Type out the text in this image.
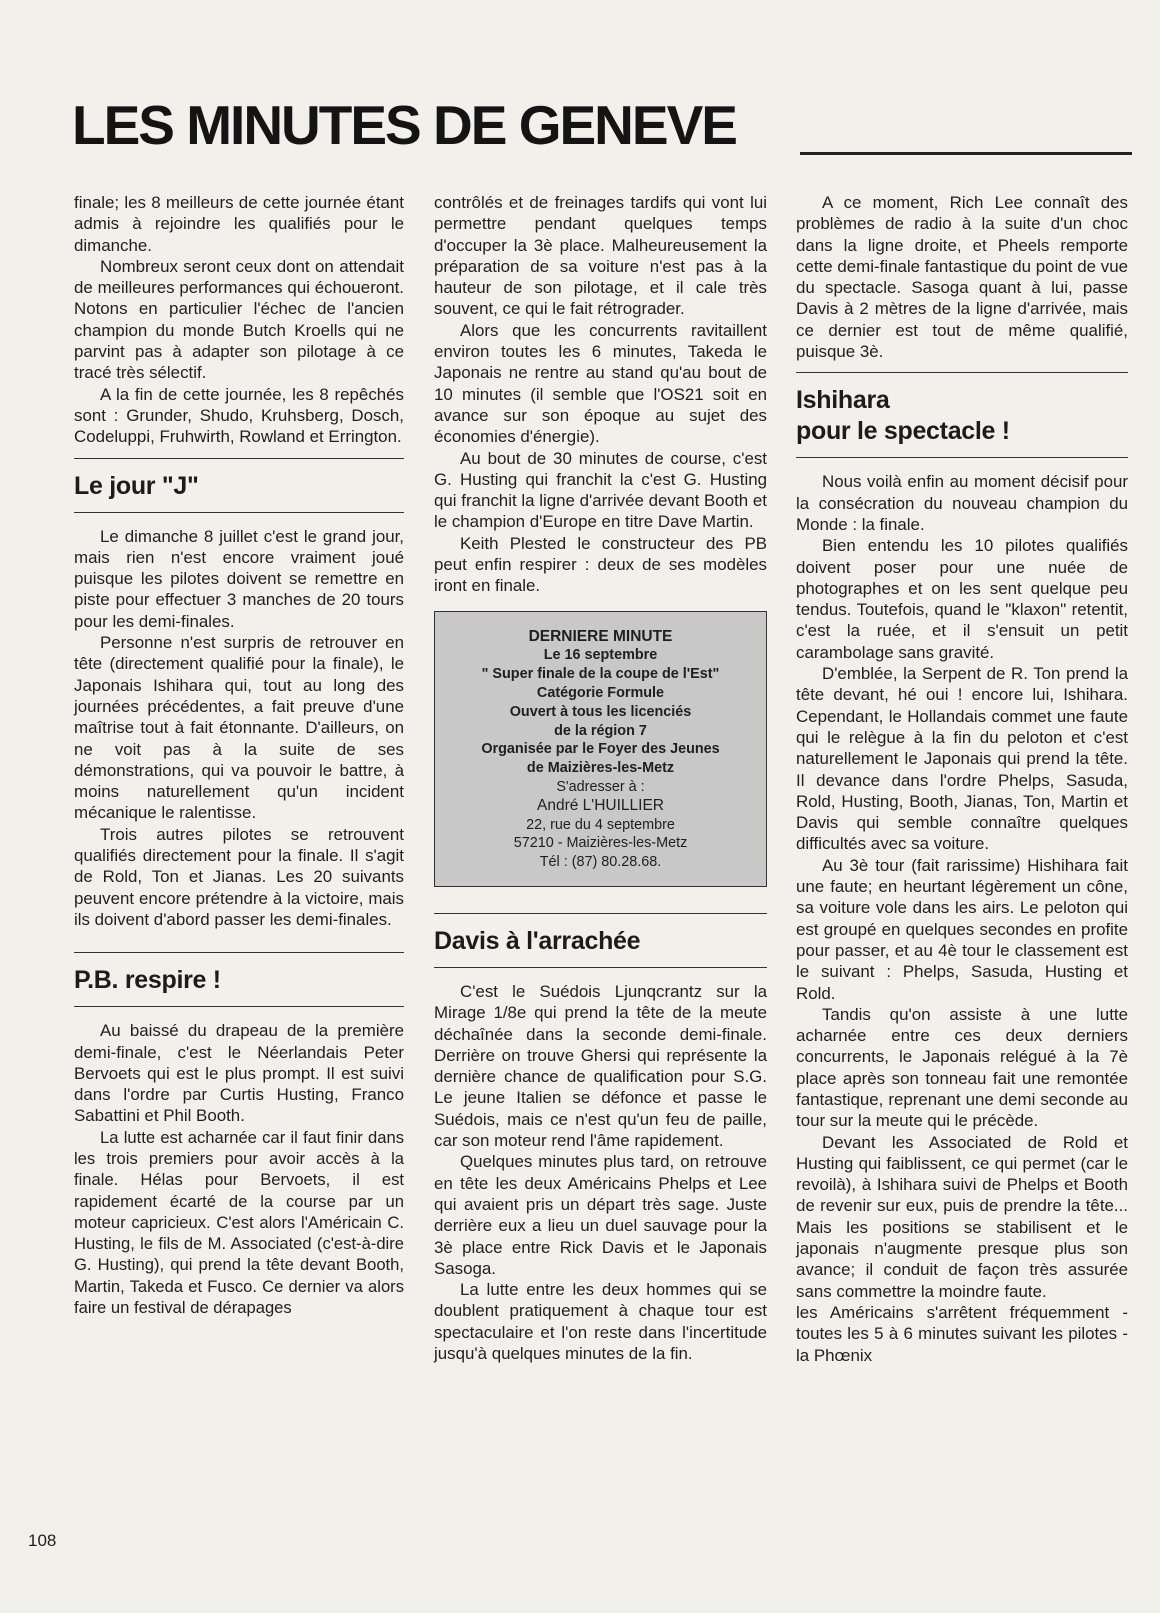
LES MINUTES DE GENEVE

finale; les 8 meilleurs de cette journée étant admis à rejoindre les qualifiés pour le dimanche.

Nombreux seront ceux dont on attendait de meilleures performances qui échoueront. Notons en particulier l'échec de l'ancien champion du monde Butch Kroells qui ne parvint pas à adapter son pilotage à ce tracé très sélectif.

A la fin de cette journée, les 8 repêchés sont : Grunder, Shudo, Kruhsberg, Dosch, Codeluppi, Fruhwirth, Rowland et Errington.

Le jour "J"

Le dimanche 8 juillet c'est le grand jour, mais rien n'est encore vraiment joué puisque les pilotes doivent se remettre en piste pour effectuer 3 manches de 20 tours pour les demi-finales.

Personne n'est surpris de retrouver en tête (directement qualifié pour la finale), le Japonais Ishihara qui, tout au long des journées précédentes, a fait preuve d'une maîtrise tout à fait étonnante. D'ailleurs, on ne voit pas à la suite de ses démonstrations, qui va pouvoir le battre, à moins naturellement qu'un incident mécanique le ralentisse.

Trois autres pilotes se retrouvent qualifiés directement pour la finale. Il s'agit de Rold, Ton et Jianas. Les 20 suivants peuvent encore prétendre à la victoire, mais ils doivent d'abord passer les demi-finales.

P.B. respire !

Au baissé du drapeau de la première demi-finale, c'est le Néerlandais Peter Bervoets qui est le plus prompt. Il est suivi dans l'ordre par Curtis Husting, Franco Sabattini et Phil Booth.

La lutte est acharnée car il faut finir dans les trois premiers pour avoir accès à la finale. Hélas pour Bervoets, il est rapidement écarté de la course par un moteur capricieux. C'est alors l'Américain C. Husting, le fils de M. Associated (c'est-à-dire G. Husting), qui prend la tête devant Booth, Martin, Takeda et Fusco. Ce dernier va alors faire un festival de dérapages

contrôlés et de freinages tardifs qui vont lui permettre pendant quelques temps d'occuper la 3è place. Malheureusement la préparation de sa voiture n'est pas à la hauteur de son pilotage, et il cale très souvent, ce qui le fait rétrograder.

Alors que les concurrents ravitaillent environ toutes les 6 minutes, Takeda le Japonais ne rentre au stand qu'au bout de 10 minutes (il semble que l'OS21 soit en avance sur son époque au sujet des économies d'énergie).

Au bout de 30 minutes de course, c'est G. Husting qui franchit la c'est G. Husting qui franchit la ligne d'arrivée devant Booth et le champion d'Europe en titre Dave Martin.

Keith Plested le constructeur des PB peut enfin respirer : deux de ses modèles iront en finale.

DERNIERE MINUTE
Le 16 septembre
" Super finale de la coupe de l'Est"
Catégorie Formule
Ouvert à tous les licenciés
de la région 7
Organisée par le Foyer des Jeunes
de Maizières-les-Metz
S'adresser à :
André L'HUILLIER
22, rue du 4 septembre
57210 - Maizières-les-Metz
Tél : (87) 80.28.68.
Davis à l'arrachée

C'est le Suédois Ljunqcrantz sur la Mirage 1/8e qui prend la tête de la meute déchaînée dans la seconde demi-finale. Derrière on trouve Ghersi qui représente la dernière chance de qualification pour S.G. Le jeune Italien se défonce et passe le Suédois, mais ce n'est qu'un feu de paille, car son moteur rend l'âme rapidement.

Quelques minutes plus tard, on retrouve en tête les deux Américains Phelps et Lee qui avaient pris un départ très sage. Juste derrière eux a lieu un duel sauvage pour la 3è place entre Rick Davis et le Japonais Sasoga.

La lutte entre les deux hommes qui se doublent pratiquement à chaque tour est spectaculaire et l'on reste dans l'incertitude jusqu'à quelques minutes de la fin.

A ce moment, Rich Lee connaît des problèmes de radio à la suite d'un choc dans la ligne droite, et Pheels remporte cette demi-finale fantastique du point de vue du spectacle. Sasoga quant à lui, passe Davis à 2 mètres de la ligne d'arrivée, mais ce dernier est tout de même qualifié, puisque 3è.

Ishihara
pour le spectacle !

Nous voilà enfin au moment décisif pour la consécration du nouveau champion du Monde : la finale.

Bien entendu les 10 pilotes qualifiés doivent poser pour une nuée de photographes et on les sent quelque peu tendus. Toutefois, quand le "klaxon" retentit, c'est la ruée, et il s'ensuit un petit carambolage sans gravité.

D'emblée, la Serpent de R. Ton prend la tête devant, hé oui ! encore lui, Ishihara. Cependant, le Hollandais commet une faute qui le relègue à la fin du peloton et c'est naturellement le Japonais qui prend la tête. Il devance dans l'ordre Phelps, Sasuda, Rold, Husting, Booth, Jianas, Ton, Martin et Davis qui semble connaître quelques difficultés avec sa voiture.

Au 3è tour (fait rarissime) Hishihara fait une faute; en heurtant légèrement un cône, sa voiture vole dans les airs. Le peloton qui est groupé en quelques secondes en profite pour passer, et au 4è tour le classement est le suivant : Phelps, Sasuda, Husting et Rold.

Tandis qu'on assiste à une lutte acharnée entre ces deux derniers concurrents, le Japonais relégué à la 7è place après son tonneau fait une remontée fantastique, reprenant une demi seconde au tour sur la meute qui le précède.

Devant les Associated de Rold et Husting qui faiblissent, ce qui permet (car le revoilà), à Ishihara suivi de Phelps et Booth de revenir sur eux, puis de prendre la tête... Mais les positions se stabilisent et le japonais n'augmente presque plus son avance; il conduit de façon très assurée sans commettre la moindre faute.

les Américains s'arrêtent fréquemment - toutes les 5 à 6 minutes suivant les pilotes - la Phœnix

108
